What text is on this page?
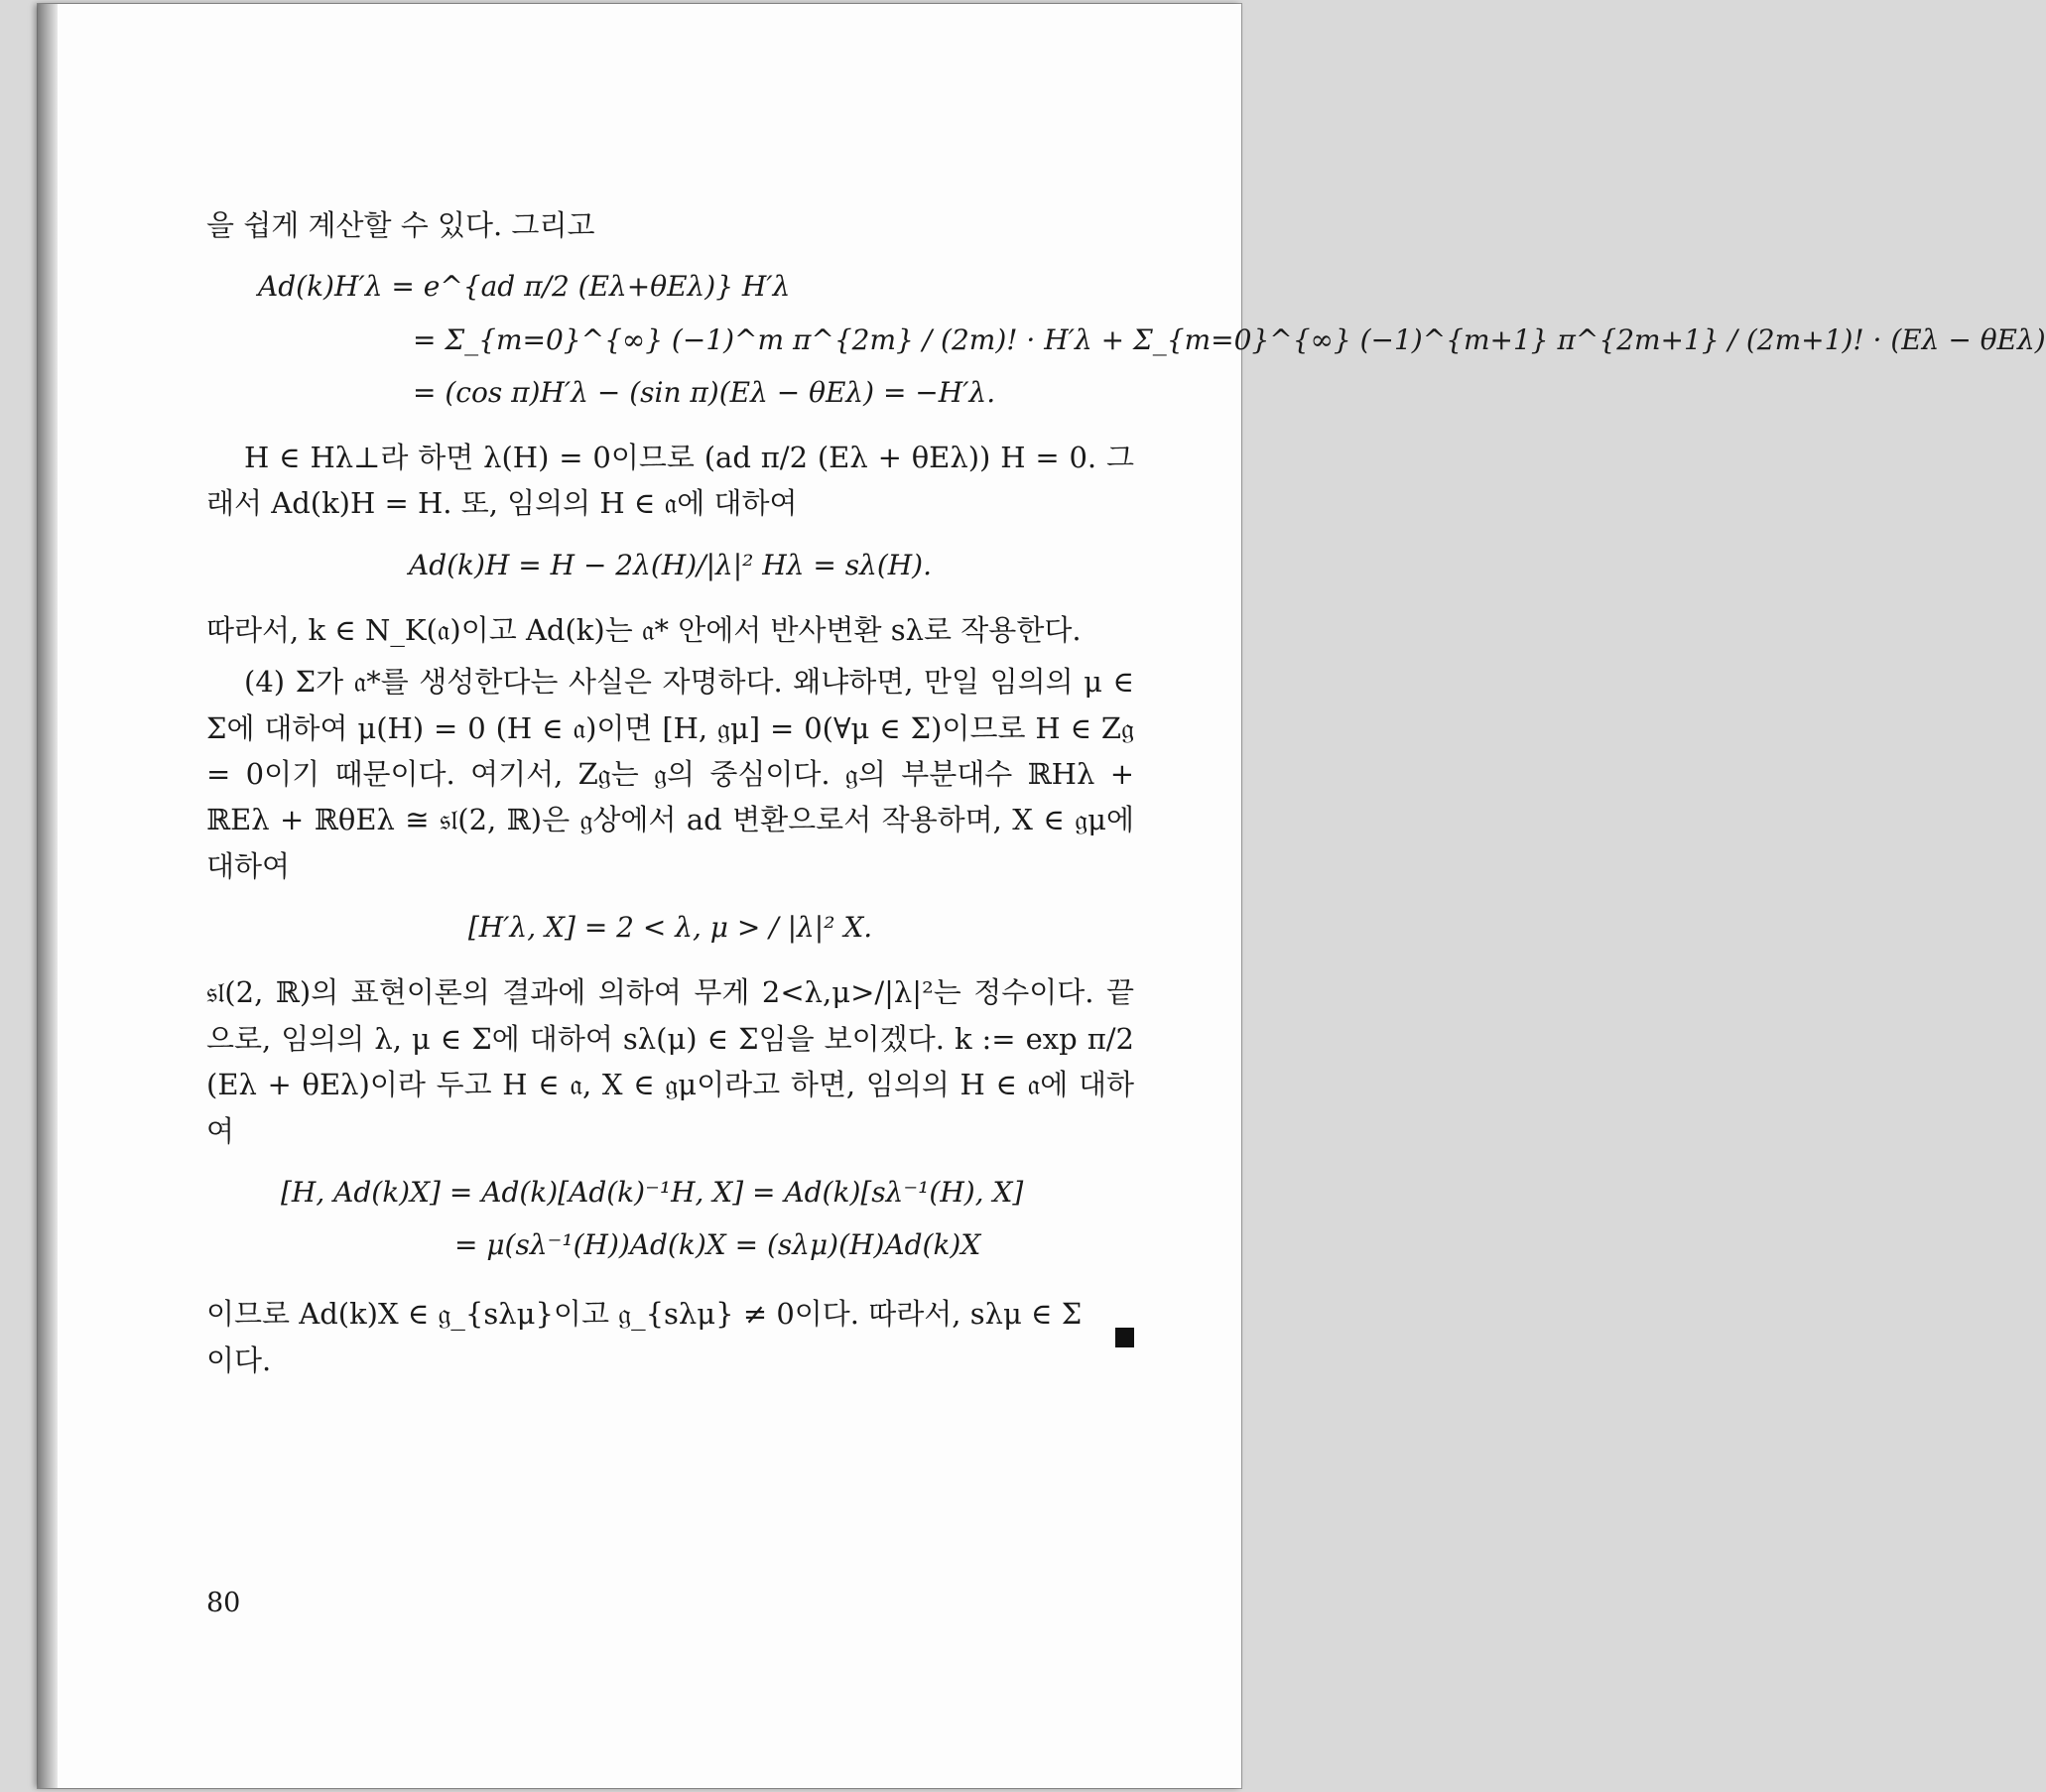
을 쉽게 계산할 수 있다. 그리고

Ad(k)H′λ = e^{ad π/2 (Eλ+θEλ)} H′λ
= Σ_{m=0}^{∞} (−1)^m π^{2m} / (2m)! · H′λ + Σ_{m=0}^{∞} (−1)^{m+1} π^{2m+1} / (2m+1)! · (Eλ − θEλ)
= (cos π)H′λ − (sin π)(Eλ − θEλ) = −H′λ.

H ∈ Hλ⊥라 하면 λ(H) = 0이므로 (ad π/2 (Eλ + θEλ)) H = 0. 그래서 Ad(k)H = H. 또, 임의의 H ∈ 𝔞에 대하여

Ad(k)H = H − 2λ(H)/|λ|² Hλ = sλ(H).

따라서, k ∈ N_K(𝔞)이고 Ad(k)는 𝔞* 안에서 반사변환 sλ로 작용한다.

(4) Σ가 𝔞*를 생성한다는 사실은 자명하다. 왜냐하면, 만일 임의의 μ ∈ Σ에 대하여 μ(H) = 0 (H ∈ 𝔞)이면 [H, 𝔤μ] = 0(∀μ ∈ Σ)이므로 H ∈ Z𝔤 = 0이기 때문이다. 여기서, Z𝔤는 𝔤의 중심이다. 𝔤의 부분대수 ℝHλ + ℝEλ + ℝθEλ ≅ 𝔰𝔩(2, ℝ)은 𝔤상에서 ad 변환으로서 작용하며, X ∈ 𝔤μ에 대하여

[H′λ, X] = 2 < λ, μ > / |λ|² X.

𝔰𝔩(2, ℝ)의 표현이론의 결과에 의하여 무게 2<λ,μ>/|λ|²는 정수이다. 끝으로, 임의의 λ, μ ∈ Σ에 대하여 sλ(μ) ∈ Σ임을 보이겠다. k := exp π/2 (Eλ + θEλ)이라 두고 H ∈ 𝔞, X ∈ 𝔤μ이라고 하면, 임의의 H ∈ 𝔞에 대하여

[H, Ad(k)X] = Ad(k)[Ad(k)⁻¹H, X] = Ad(k)[sλ⁻¹(H), X]
= μ(sλ⁻¹(H))Ad(k)X = (sλμ)(H)Ad(k)X
이므로 Ad(k)X ∈ 𝔤_{sλμ}이고 𝔤_{sλμ} ≠ 0이다. 따라서, sλμ ∈ Σ이다.
80
